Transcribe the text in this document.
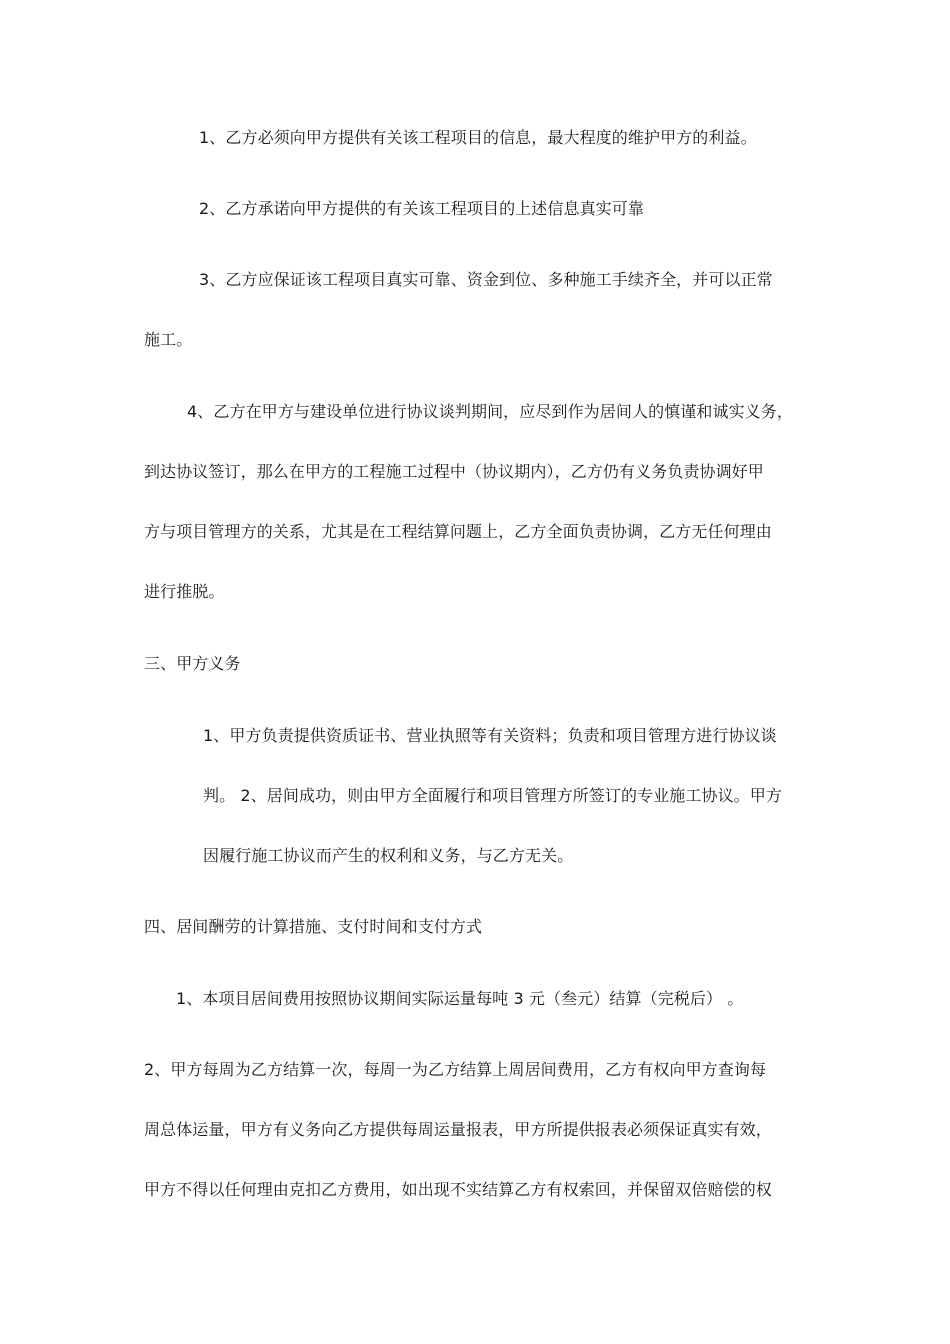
1、乙方必须向甲方提供有关该工程项目的信息，最大程度的维护甲方的利益。
2、乙方承诺向甲方提供的有关该工程项目的上述信息真实可靠
3、乙方应保证该工程项目真实可靠、资金到位、多种施工手续齐全，并可以正常
施工。
4、乙方在甲方与建设单位进行协议谈判期间，应尽到作为居间人的慎谨和诚实义务，
到达协议签订，那么在甲方的工程施工过程中（协议期内），乙方仍有义务负责协调好甲
方与项目管理方的关系，尤其是在工程结算问题上，乙方全面负责协调，乙方无任何理由
进行推脱。
三、甲方义务
1、甲方负责提供资质证书、营业执照等有关资料；负责和项目管理方进行协议谈
判。 2、居间成功，则由甲方全面履行和项目管理方所签订的专业施工协议。甲方
因履行施工协议而产生的权利和义务，与乙方无关。
四、居间酬劳的计算措施、支付时间和支付方式
1、本项目居间费用按照协议期间实际运量每吨 3 元（叁元）结算（完税后） 。
2、甲方每周为乙方结算一次，每周一为乙方结算上周居间费用，乙方有权向甲方查询每
周总体运量，甲方有义务向乙方提供每周运量报表，甲方所提供报表必须保证真实有效，
甲方不得以任何理由克扣乙方费用，如出现不实结算乙方有权索回，并保留双倍赔偿的权
